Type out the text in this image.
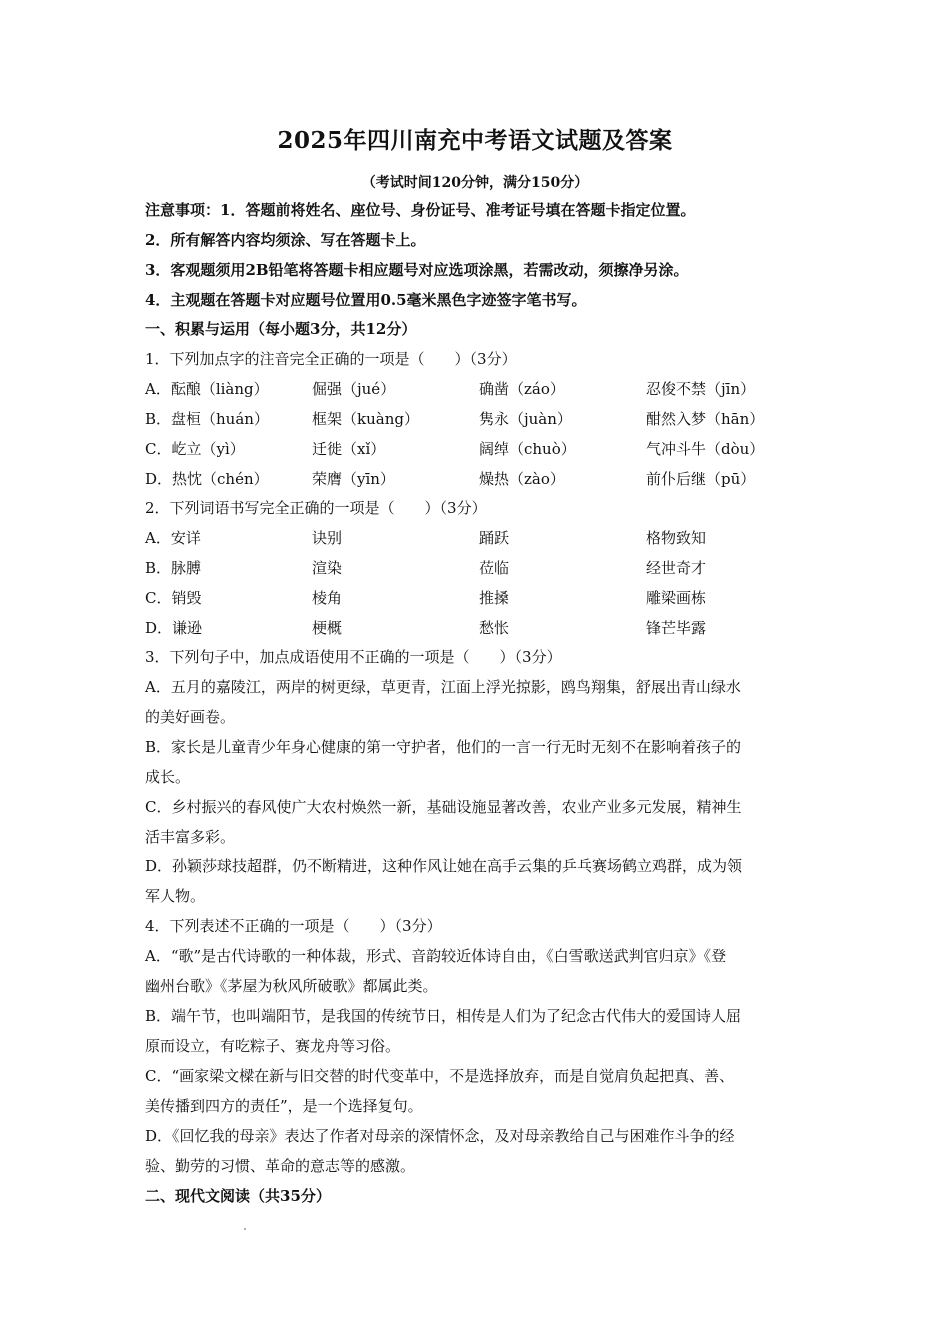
2025年四川南充中考语文试题及答案
（考试时间120分钟，满分150分）
注意事项：1．答题前将姓名、座位号、身份证号、准考证号填在答题卡指定位置。
2．所有解答内容均须涂、写在答题卡上。
3．客观题须用2B铅笔将答题卡相应题号对应选项涂黑，若需改动，须擦净另涂。
4．主观题在答题卡对应题号位置用0.5毫米黑色字迹签字笔书写。
一、积累与运用（每小题3分，共12分）
1．下列加点字的注音完全正确的一项是（　　）（3分）
A．酝酿（liàng）	倔强（jué）	确凿（záo）	忍俊不禁（jīn）
B．盘桓（huán）	框架（kuàng）	隽永（juàn）	酣然入梦（hān）
C．屹立（yì）	迁徙（xǐ）	阔绰（chuò）	气冲斗牛（dòu）
D．热忱（chén）	荣膺（yīn）	燥热（zào）	前仆后继（pū）
2．下列词语书写完全正确的一项是（　　）（3分）
A．安详	诀别	踊跃	格物致知
B．脉膊	渲染	莅临	经世奇才
C．销毁	棱角	推搡	雕梁画栋
D．谦逊	梗概	愁怅	锋芒毕露
3．下列句子中，加点成语使用不正确的一项是（　　）（3分）
A．五月的嘉陵江，两岸的树更绿，草更青，江面上浮光掠影，鸥鸟翔集，舒展出青山绿水
的美好画卷。
B．家长是儿童青少年身心健康的第一守护者，他们的一言一行无时无刻不在影响着孩子的
成长。
C．乡村振兴的春风使广大农村焕然一新，基础设施显著改善，农业产业多元发展，精神生
活丰富多彩。
D．孙颖莎球技超群，仍不断精进，这种作风让她在高手云集的乒乓赛场鹤立鸡群，成为领
军人物。
4．下列表述不正确的一项是（　　）（3分）
A．“歌”是古代诗歌的一种体裁，形式、音韵较近体诗自由，《白雪歌送武判官归京》《登
幽州台歌》《茅屋为秋风所破歌》都属此类。
B．端午节，也叫端阳节，是我国的传统节日，相传是人们为了纪念古代伟大的爱国诗人屈
原而设立，有吃粽子、赛龙舟等习俗。
C．“画家梁文樑在新与旧交替的时代变革中，不是选择放弃，而是自觉肩负起把真、善、
美传播到四方的责任”，是一个选择复句。
D．《回忆我的母亲》表达了作者对母亲的深情怀念，及对母亲教给自己与困难作斗争的经
验、勤劳的习惯、革命的意志等的感激。
二、现代文阅读（共35分）
